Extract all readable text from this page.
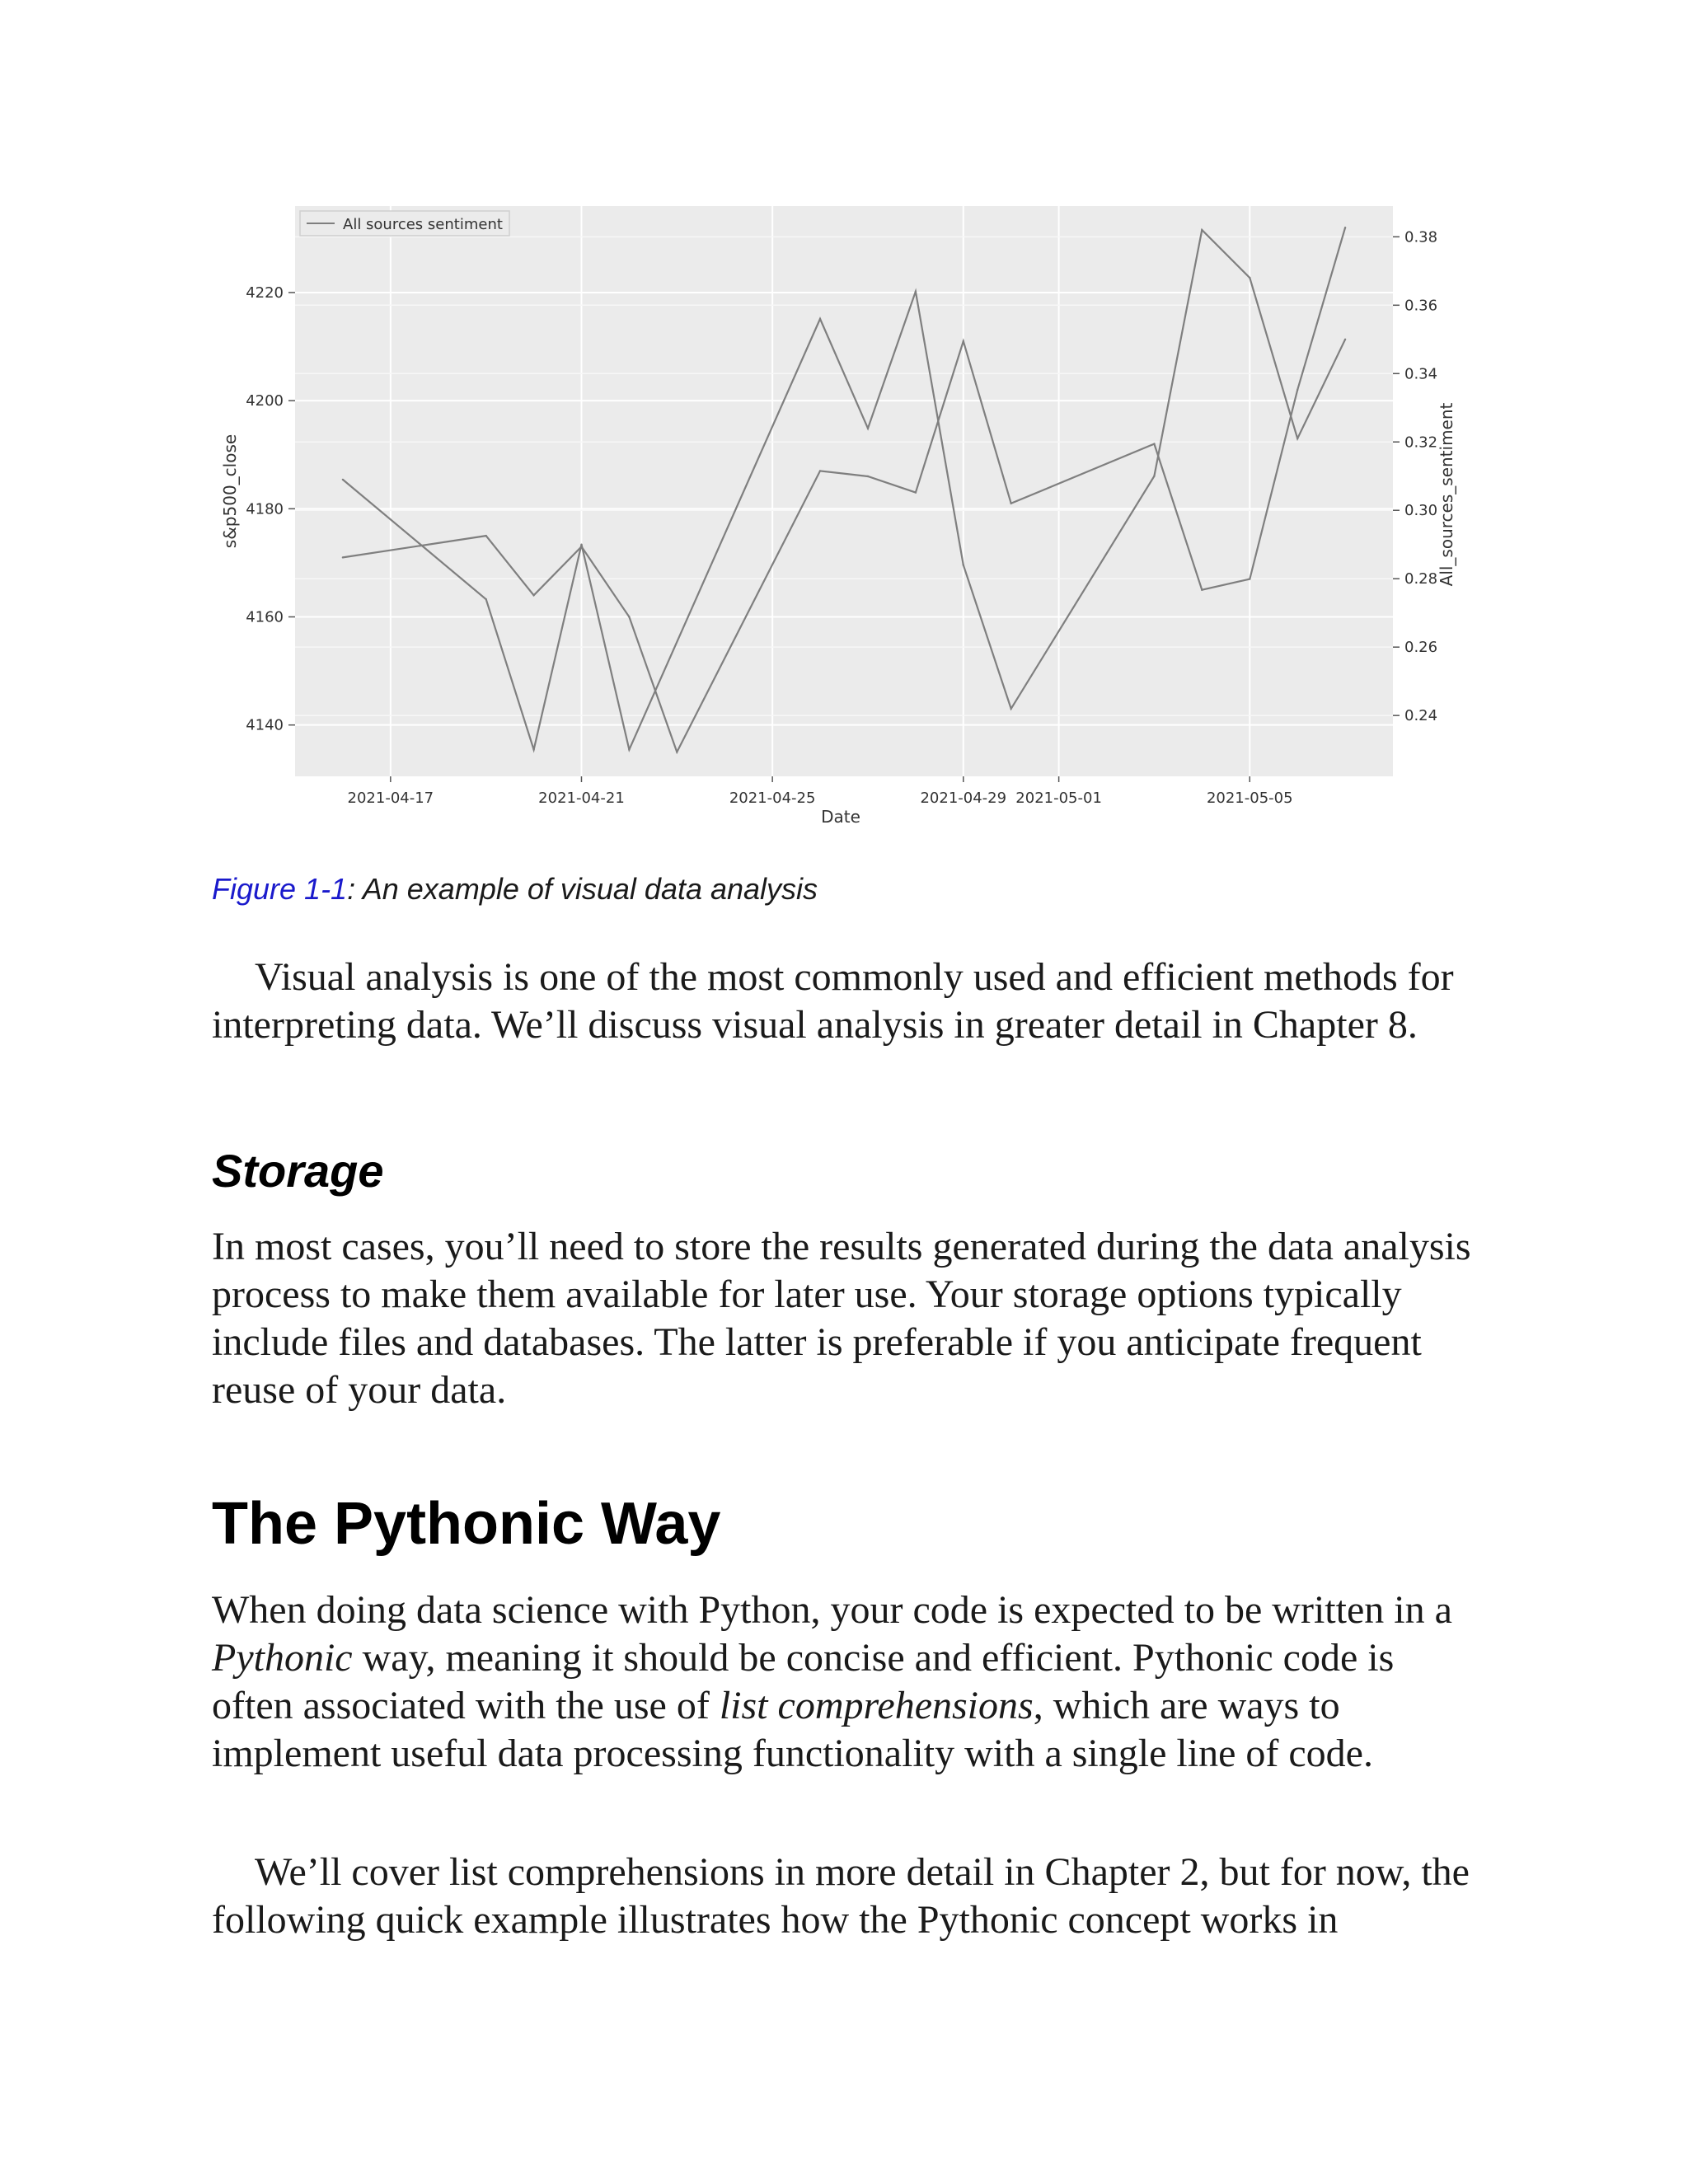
2021-04-17	2021-04-21	2021-04-25	2021-04-29 2021-05-01	2021-05-05
4140
4160
4180
4200
4220
0.24
0.26
0.28
0.30
0.32
0.34
0.36
0.38
All sources sentiment
Date
s&p500_close	All_sources_sentiment
Figure 1-1: An example of visual data analysis

Visual analysis is one of the most commonly used and efficient methods for interpreting data. We’ll discuss visual analysis in greater detail in Chapter 8.

Storage

In most cases, you’ll need to store the results generated during the data analysis process to make them available for later use. Your storage options typically include files and databases. The latter is preferable if you anticipate frequent reuse of your data.

The Pythonic Way

When doing data science with Python, your code is expected to be written in a Pythonic way, meaning it should be concise and efficient. Pythonic code is often associated with the use of list comprehensions, which are ways to implement useful data processing functionality with a single line of code.

We’ll cover list comprehensions in more detail in Chapter 2, but for now, the following quick example illustrates how the Pythonic concept works in
